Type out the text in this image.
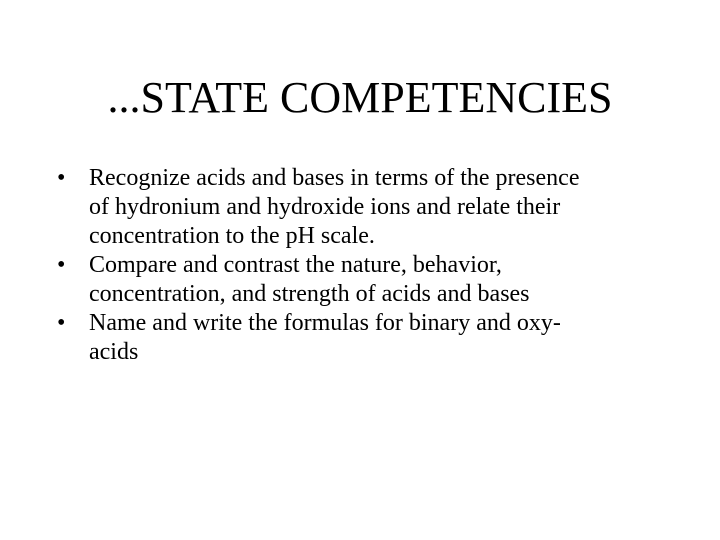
...STATE COMPETENCIES
• Recognize acids and bases in terms of the presence
of hydronium and hydroxide ions and relate their
concentration to the pH scale.
• Compare and contrast the nature, behavior,
concentration, and strength of acids and bases
• Name and write the formulas for binary and oxy-
acids
